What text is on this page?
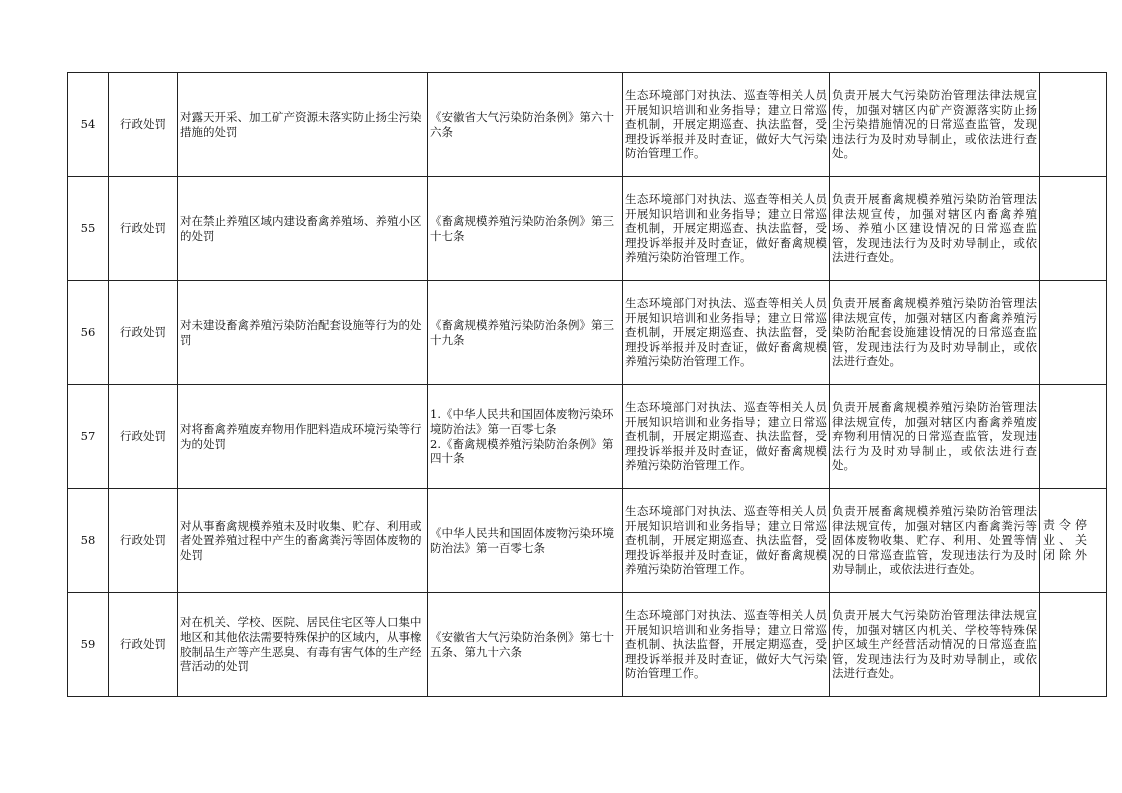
54	行政处罚	对露天开采、加工矿产资源未落实防止扬尘污染措施的处罚	《安徽省大气污染防治条例》第六十六条	生态环境部门对执法、巡查等相关人员开展知识培训和业务指导；建立日常巡查机制，开展定期巡查、执法监督，受理投诉举报并及时查证，做好大气污染防治管理工作。	负责开展大气污染防治管理法律法规宣传，加强对辖区内矿产资源落实防止扬尘污染措施情况的日常巡查监管，发现违法行为及时劝导制止，或依法进行查处。	
55	行政处罚	对在禁止养殖区域内建设畜禽养殖场、养殖小区的处罚	《畜禽规模养殖污染防治条例》第三十七条	生态环境部门对执法、巡查等相关人员开展知识培训和业务指导；建立日常巡查机制，开展定期巡查、执法监督，受理投诉举报并及时查证，做好畜禽规模养殖污染防治管理工作。	负责开展畜禽规模养殖污染防治管理法律法规宣传，加强对辖区内畜禽养殖场、养殖小区建设情况的日常巡查监管，发现违法行为及时劝导制止，或依法进行查处。	
56	行政处罚	对未建设畜禽养殖污染防治配套设施等行为的处罚	《畜禽规模养殖污染防治条例》第三十九条	生态环境部门对执法、巡查等相关人员开展知识培训和业务指导；建立日常巡查机制，开展定期巡查、执法监督，受理投诉举报并及时查证，做好畜禽规模养殖污染防治管理工作。	负责开展畜禽规模养殖污染防治管理法律法规宣传，加强对辖区内畜禽养殖污染防治配套设施建设情况的日常巡查监管，发现违法行为及时劝导制止，或依法进行查处。	
57	行政处罚	对将畜禽养殖废弃物用作肥料造成环境污染等行为的处罚	1.《中华人民共和国固体废物污染环境防治法》第一百零七条
2.《畜禽规模养殖污染防治条例》第四十条	生态环境部门对执法、巡查等相关人员开展知识培训和业务指导；建立日常巡查机制，开展定期巡查、执法监督，受理投诉举报并及时查证，做好畜禽规模养殖污染防治管理工作。	负责开展畜禽规模养殖污染防治管理法律法规宣传，加强对辖区内畜禽养殖废弃物利用情况的日常巡查监管，发现违法行为及时劝导制止，或依法进行查处。	
58	行政处罚	对从事畜禽规模养殖未及时收集、贮存、利用或者处置养殖过程中产生的畜禽粪污等固体废物的处罚	《中华人民共和国固体废物污染环境防治法》第一百零七条	生态环境部门对执法、巡查等相关人员开展知识培训和业务指导；建立日常巡查机制，开展定期巡查、执法监督，受理投诉举报并及时查证，做好畜禽规模养殖污染防治管理工作。	负责开展畜禽规模养殖污染防治管理法律法规宣传，加强对辖区内畜禽粪污等固体废物收集、贮存、利用、处置等情况的日常巡查监管，发现违法行为及时劝导制止，或依法进行查处。	责令停业、关闭除外
59	行政处罚	对在机关、学校、医院、居民住宅区等人口集中地区和其他依法需要特殊保护的区域内，从事橡胶制品生产等产生恶臭、有毒有害气体的生产经营活动的处罚	《安徽省大气污染防治条例》第七十五条、第九十六条	生态环境部门对执法、巡查等相关人员开展知识培训和业务指导；建立日常巡查机制、执法监督，开展定期巡查，受理投诉举报并及时查证，做好大气污染防治管理工作。	负责开展大气污染防治管理法律法规宣传，加强对辖区内机关、学校等特殊保护区域生产经营活动情况的日常巡查监管，发现违法行为及时劝导制止，或依法进行查处。	
